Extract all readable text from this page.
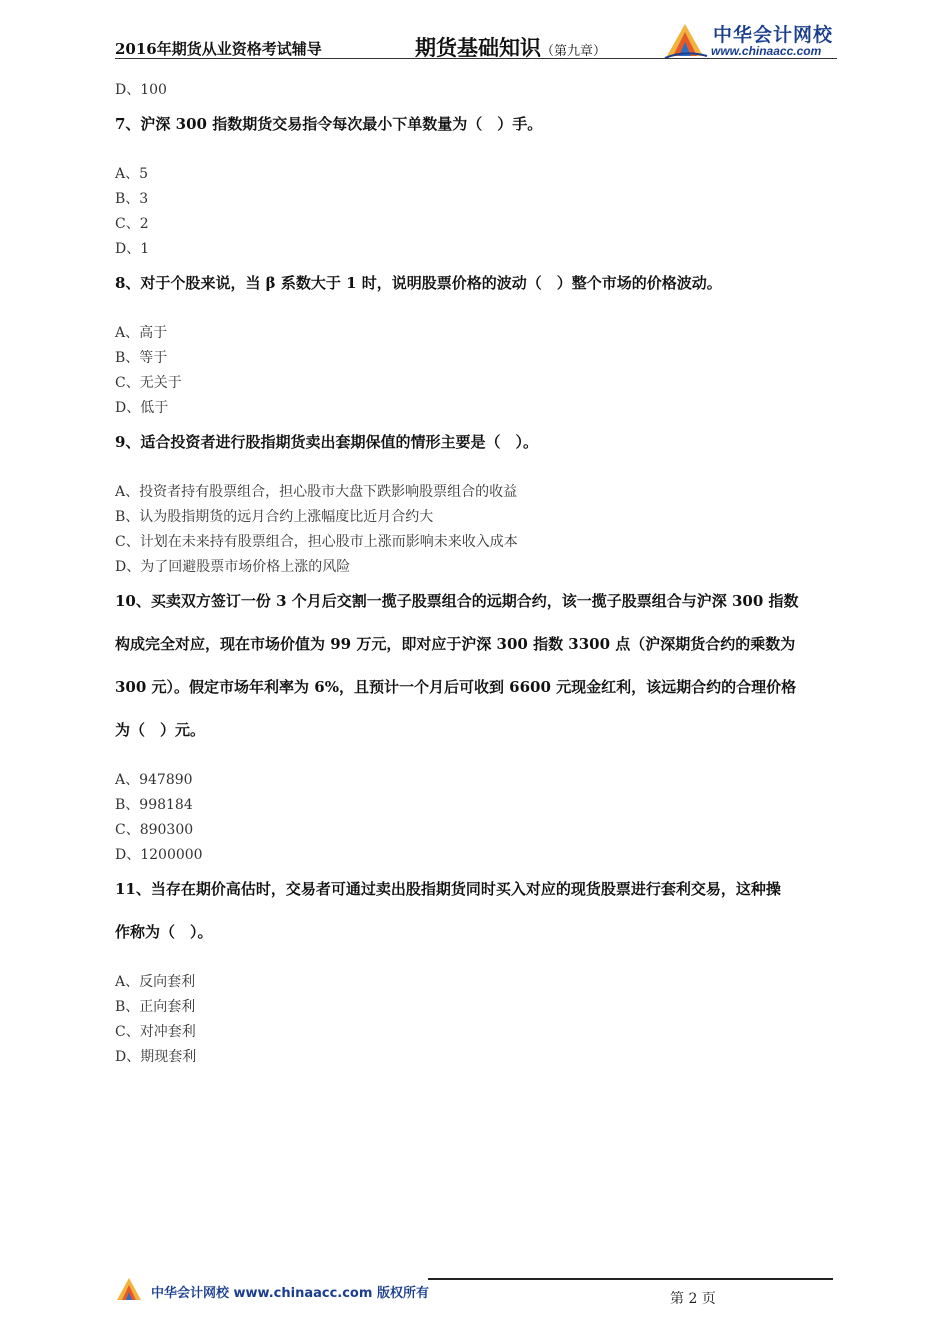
2016年期货从业资格考试辅导	期货基础知识（第九章）
中华会计网校
www.chinaacc.com
D、100
7、沪深 300 指数期货交易指令每次最小下单数量为（　）手。
A、5
B、3
C、2
D、1
8、对于个股来说，当 β 系数大于 1 时，说明股票价格的波动（　）整个市场的价格波动。
A、高于
B、等于
C、无关于
D、低于
9、适合投资者进行股指期货卖出套期保值的情形主要是（　）。
A、投资者持有股票组合，担心股市大盘下跌影响股票组合的收益
B、认为股指期货的远月合约上涨幅度比近月合约大
C、计划在未来持有股票组合，担心股市上涨而影响未来收入成本
D、为了回避股票市场价格上涨的风险
10、买卖双方签订一份 3 个月后交割一揽子股票组合的远期合约，该一揽子股票组合与沪深 300 指数
构成完全对应，现在市场价值为 99 万元，即对应于沪深 300 指数 3300 点（沪深期货合约的乘数为
300 元）。假定市场年利率为 6%，且预计一个月后可收到 6600 元现金红利，该远期合约的合理价格
为（　）元。
A、947890
B、998184
C、890300
D、1200000
11、当存在期价高估时，交易者可通过卖出股指期货同时买入对应的现货股票进行套利交易，这种操
作称为（　）。
A、反向套利
B、正向套利
C、对冲套利
D、期现套利
中华会计网校 www.chinaacc.com 版权所有	第 2 页
